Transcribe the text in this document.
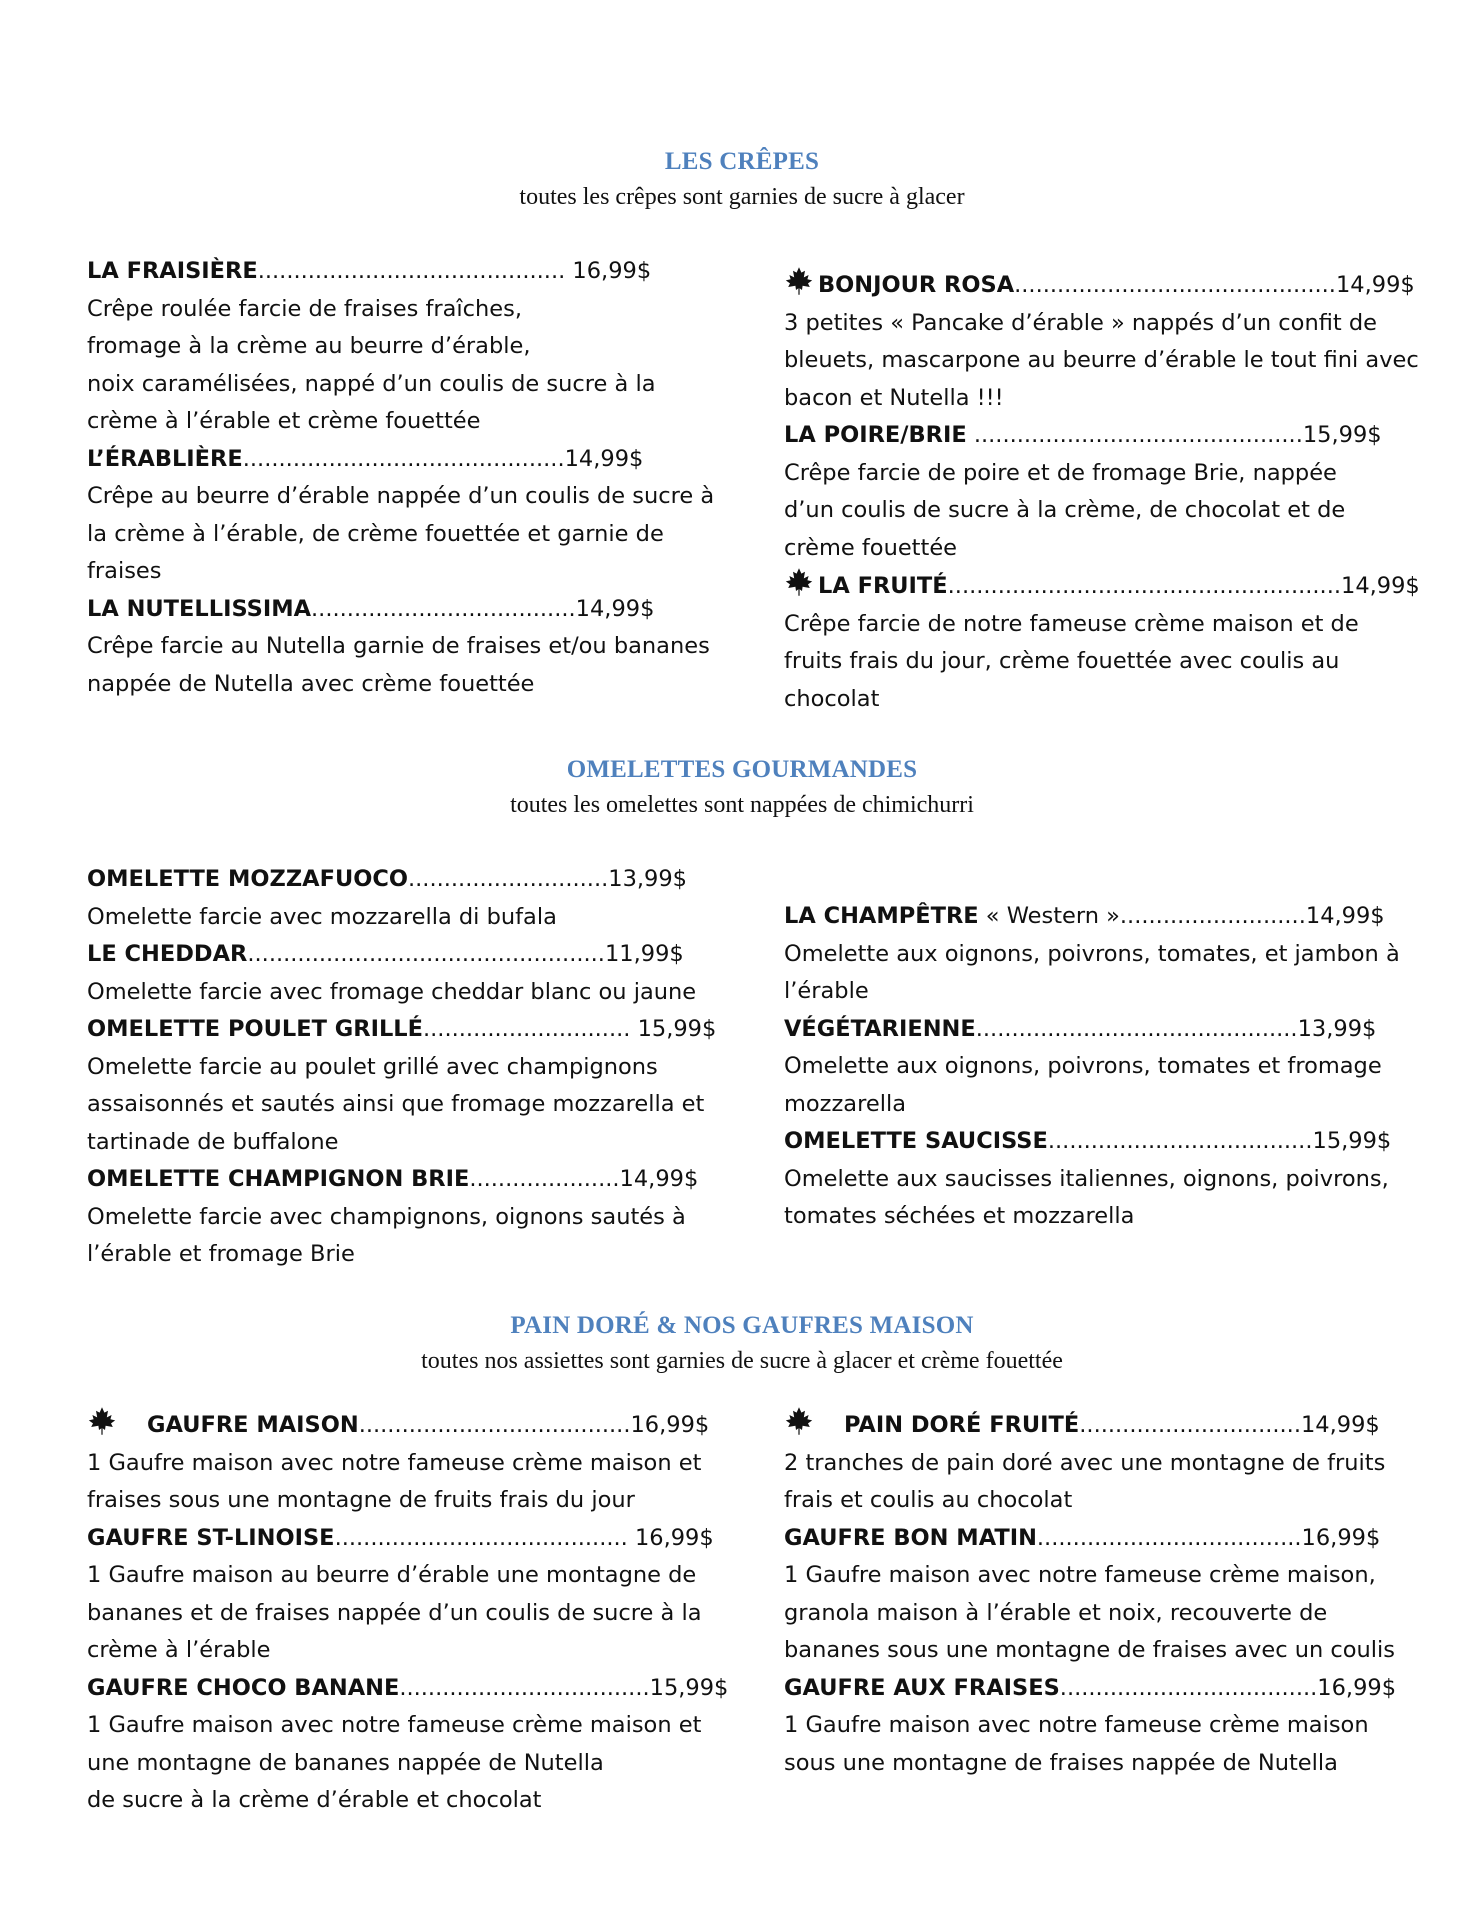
LES CRÊPES
toutes les crêpes sont garnies de sucre à glacer
OMELETTES GOURMANDES
toutes les omelettes sont nappées de chimichurri
PAIN DORÉ & NOS GAUFRES MAISON
toutes nos assiettes sont garnies de sucre à glacer et crème fouettée
LA FRAISIÈRE........................................... 16,99$
Crêpe roulée farcie de fraises fraîches,
fromage à la crème au beurre d’érable,
noix caramélisées, nappé d’un coulis de sucre à la
crème à l’érable et crème fouettée
L’ÉRABLIÈRE.............................................14,99$
Crêpe au beurre d’érable nappée d’un coulis de sucre à
la crème à l’érable, de crème fouettée et garnie de
fraises
LA NUTELLISSIMA.....................................14,99$
Crêpe farcie au Nutella garnie de fraises et/ou bananes
nappée de Nutella avec crème fouettée
BONJOUR ROSA.............................................14,99$
3 petites « Pancake d’érable » nappés d’un confit de
bleuets, mascarpone au beurre d’érable le tout fini avec
bacon et Nutella !!!
LA POIRE/BRIE ..............................................15,99$
Crêpe farcie de poire et de fromage Brie, nappée
d’un coulis de sucre à la crème, de chocolat et de
crème fouettée
LA FRUITÉ.......................................................14,99$
Crêpe farcie de notre fameuse crème maison et de
fruits frais du jour, crème fouettée avec coulis au
chocolat
OMELETTE MOZZAFUOCO............................13,99$
Omelette farcie avec mozzarella di bufala
LE CHEDDAR..................................................11,99$
Omelette farcie avec fromage cheddar blanc ou jaune
OMELETTE POULET GRILLÉ............................. 15,99$
Omelette farcie au poulet grillé avec champignons
assaisonnés et sautés ainsi que fromage mozzarella et
tartinade de buffalone
OMELETTE CHAMPIGNON BRIE.....................14,99$
Omelette farcie avec champignons, oignons sautés à
l’érable et fromage Brie
LA CHAMPÊTRE « Western »..........................14,99$
Omelette aux oignons, poivrons, tomates, et jambon à
l’érable
VÉGÉTARIENNE.............................................13,99$
Omelette aux oignons, poivrons, tomates et fromage
mozzarella
OMELETTE SAUCISSE.....................................15,99$
Omelette aux saucisses italiennes, oignons, poivrons,
tomates séchées et mozzarella
GAUFRE MAISON......................................16,99$
1 Gaufre maison avec notre fameuse crème maison et
fraises sous une montagne de fruits frais du jour
GAUFRE ST-LINOISE......................................... 16,99$
1 Gaufre maison au beurre d’érable une montagne de
bananes et de fraises nappée d’un coulis de sucre à la
crème à l’érable
GAUFRE CHOCO BANANE...................................15,99$
1 Gaufre maison avec notre fameuse crème maison et
une montagne de bananes nappée de Nutella
de sucre à la crème d’érable et chocolat
PAIN DORÉ FRUITÉ...............................14,99$
2 tranches de pain doré avec une montagne de fruits
frais et coulis au chocolat
GAUFRE BON MATIN.....................................16,99$
1 Gaufre maison avec notre fameuse crème maison,
granola maison à l’érable et noix, recouverte de
bananes sous une montagne de fraises avec un coulis
GAUFRE AUX FRAISES....................................16,99$
1 Gaufre maison avec notre fameuse crème maison
sous une montagne de fraises nappée de Nutella
